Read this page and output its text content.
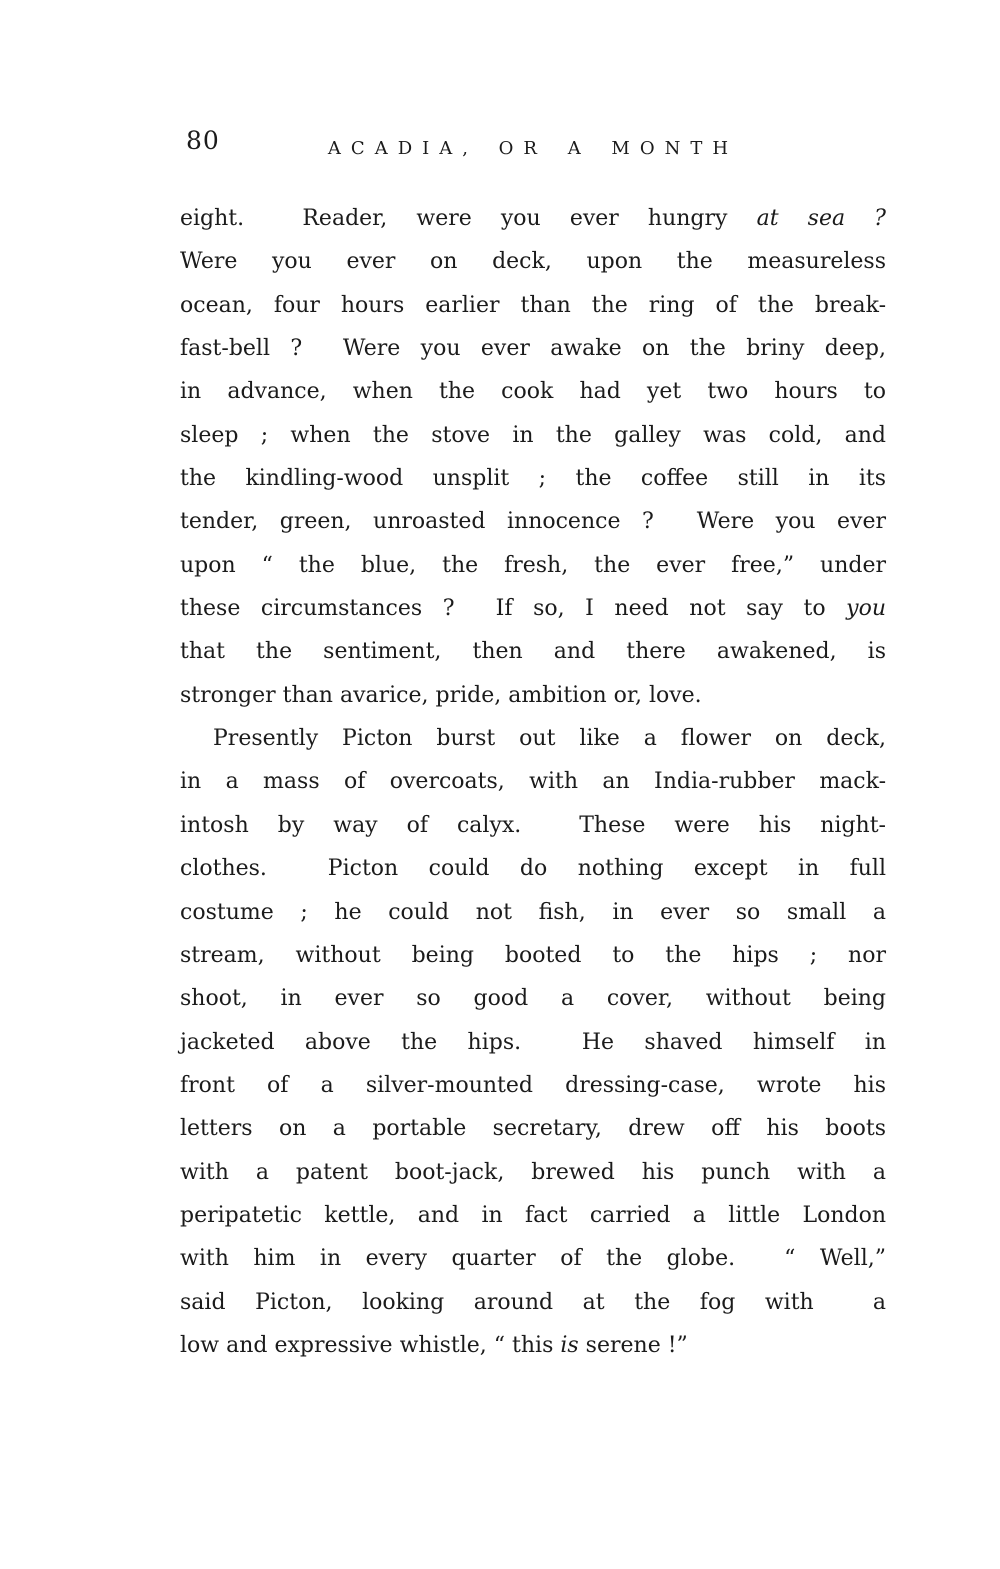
80	ACADIA, OR A MONTH
eight.  Reader, were you ever hungry at sea ?
Were you ever on deck, upon the measureless
ocean, four hours earlier than the ring of the break-
fast-bell ?  Were you ever awake on the briny deep,
in advance, when the cook had yet two hours to
sleep ; when the stove in the galley was cold, and
the kindling-wood unsplit ; the coffee still in its
tender, green, unroasted innocence ?  Were you ever
upon “ the blue, the fresh, the ever free,” under
these circumstances ?  If so, I need not say to you
that the sentiment, then and there awakened, is
stronger than avarice, pride, ambition or, love.
Presently Picton burst out like a flower on deck,
in a mass of overcoats, with an India-rubber mack-
intosh by way of calyx.  These were his night-
clothes.  Picton could do nothing except in full
costume ; he could not fish, in ever so small a
stream, without being booted to the hips ; nor
shoot, in ever so good a cover, without being
jacketed above the hips.  He shaved himself in
front of a silver-mounted dressing-case, wrote his
letters on a portable secretary, drew off his boots
with a patent boot-jack, brewed his punch with a
peripatetic kettle, and in fact carried a little London
with him in every quarter of the globe.  “ Well,”
said Picton, looking around at the fog with  a
low and expressive whistle, “ this is serene !”
